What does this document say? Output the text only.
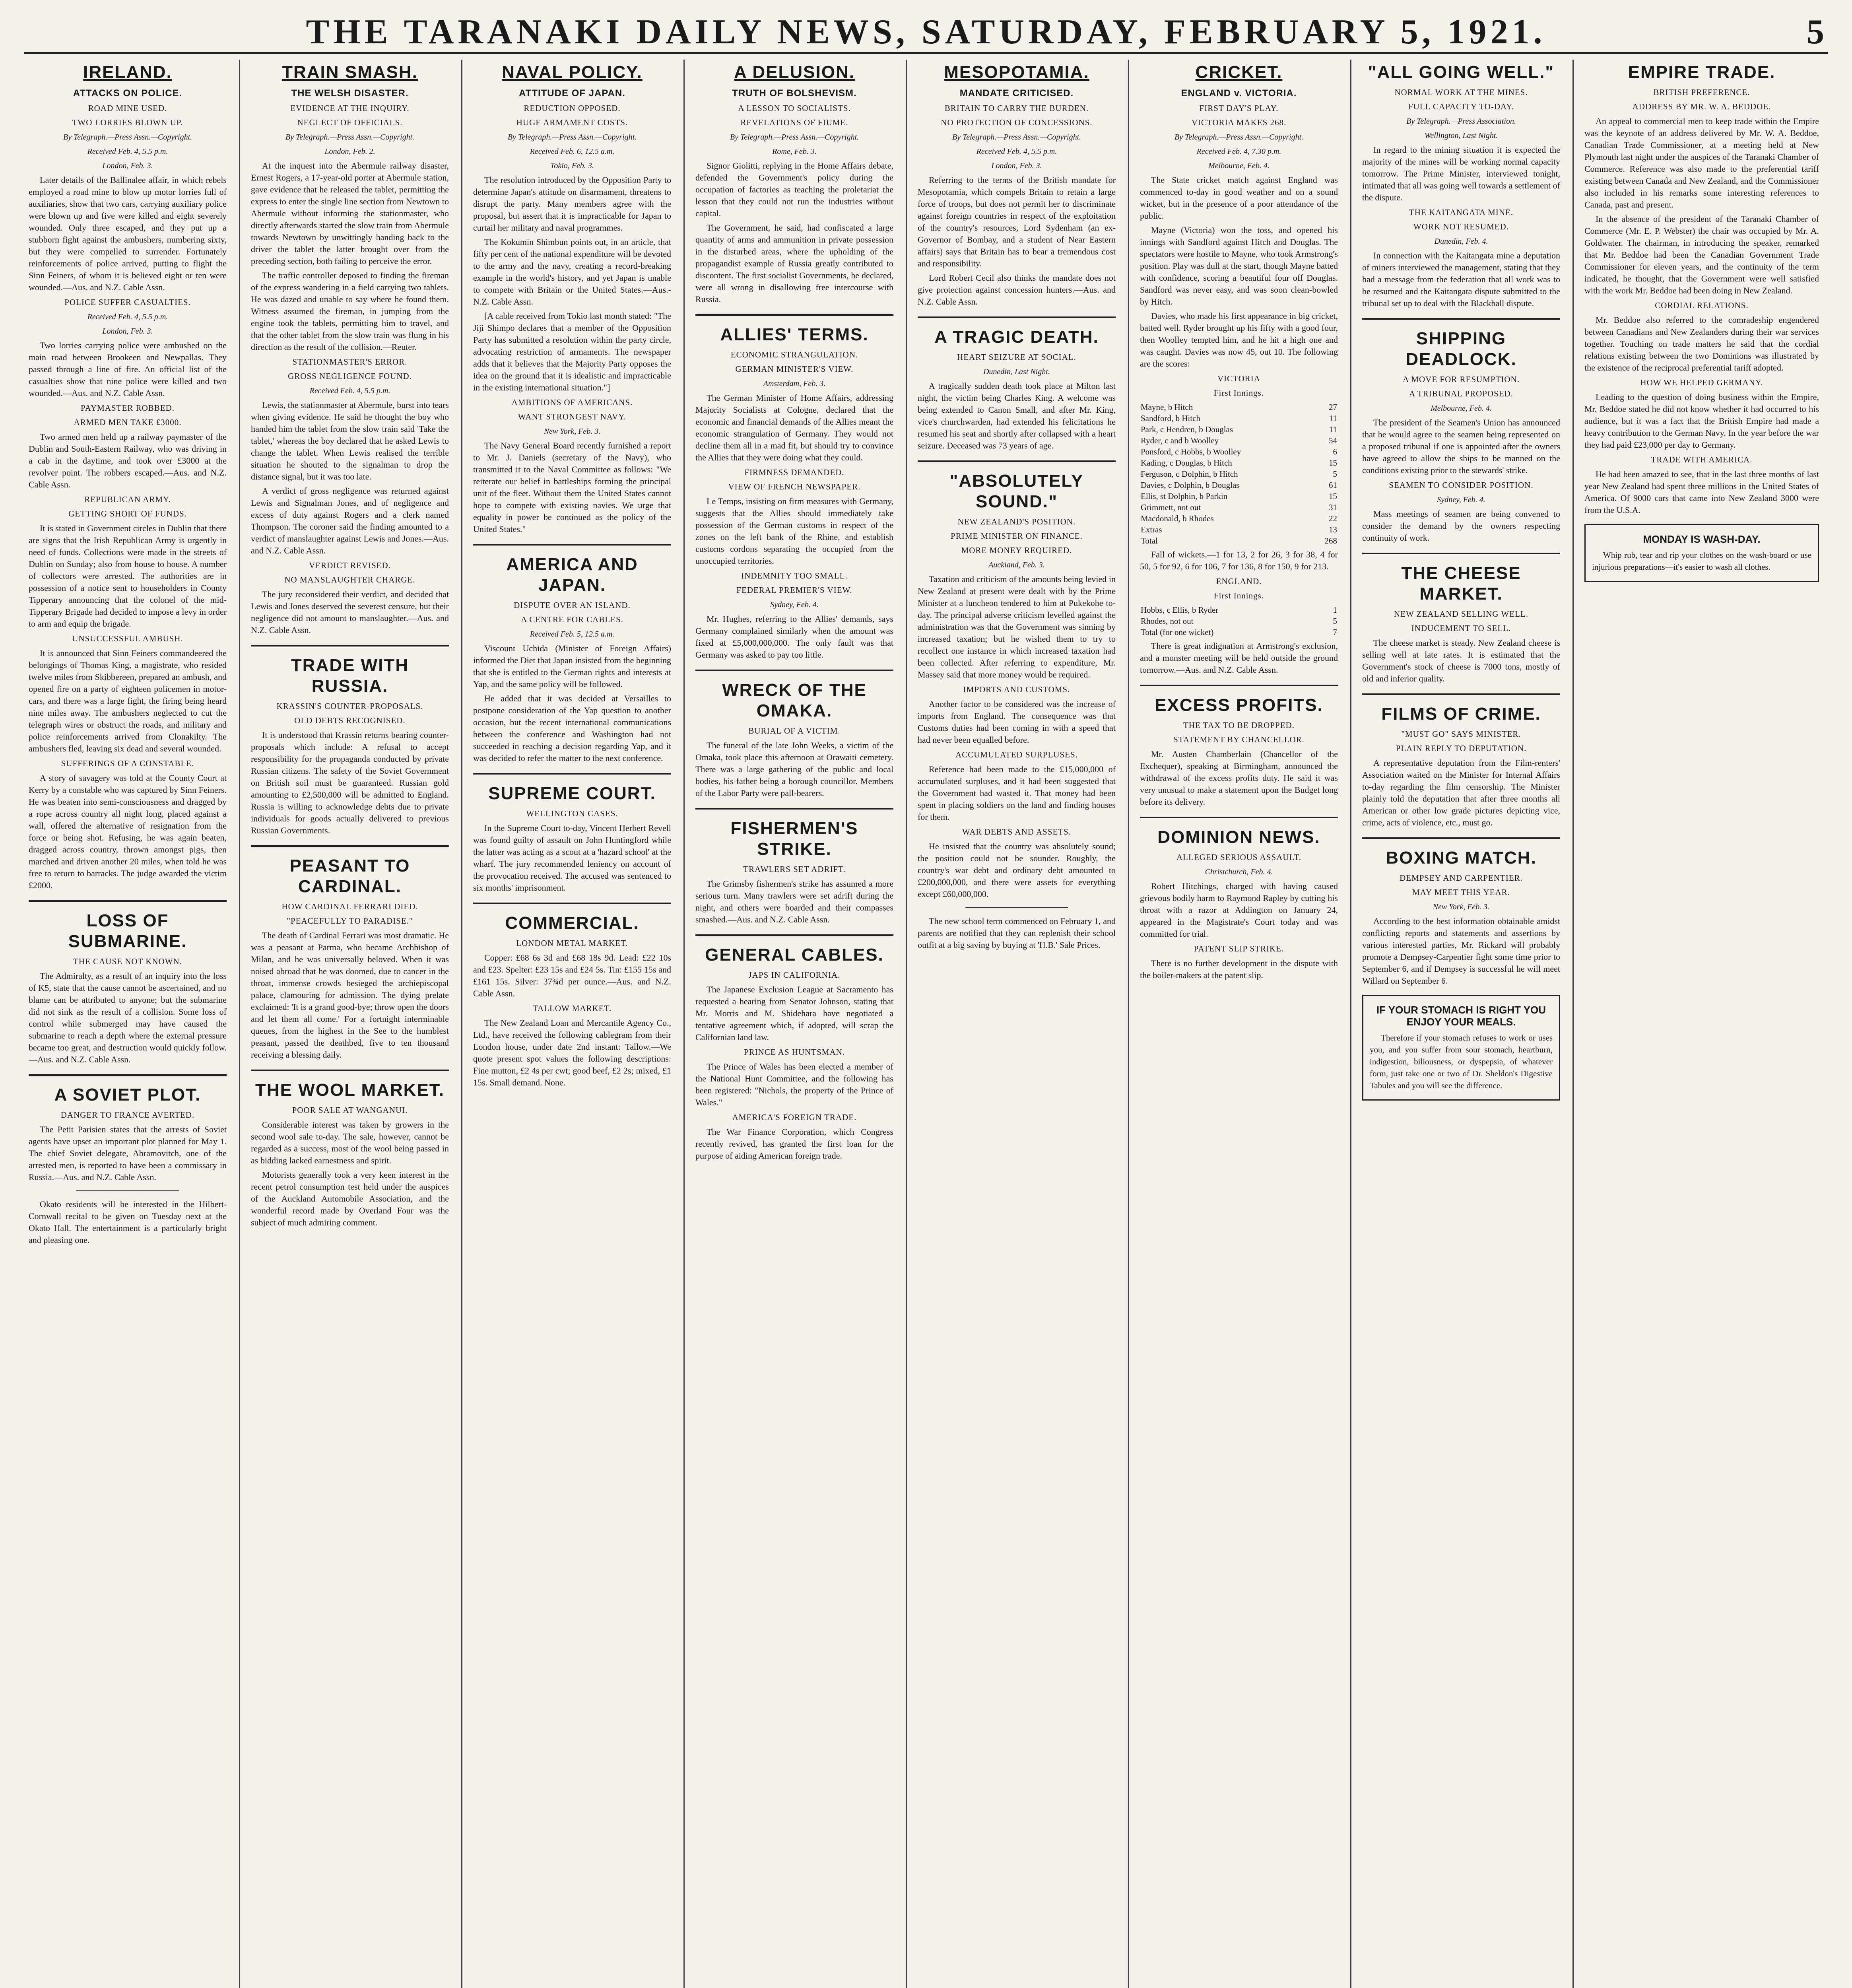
THE TARANAKI DAILY NEWS, SATURDAY, FEBRUARY 5, 1921.	5
IRELAND.
ATTACKS ON POLICE.
ROAD MINE USED.
TWO LORRIES BLOWN UP.
By Telegraph.—Press Assn.—Copyright.
Received Feb. 4, 5.5 p.m.
London, Feb. 3.

Later details of the Ballinalee affair, in which rebels employed a road mine to blow up motor lorries full of auxiliaries, show that two cars, carrying auxiliary police were blown up and five were killed and eight severely wounded. Only three escaped, and they put up a stubborn fight against the ambushers, numbering sixty, but they were compelled to surrender. Fortunately reinforcements of police arrived, putting to flight the Sinn Feiners, of whom it is believed eight or ten were wounded.—Aus. and N.Z. Cable Assn.

POLICE SUFFER CASUALTIES.
Received Feb. 4, 5.5 p.m.
London, Feb. 3.

Two lorries carrying police were ambushed on the main road between Brookeen and Newpallas. They passed through a line of fire. An official list of the casualties show that nine police were killed and two wounded.—Aus. and N.Z. Cable Assn.

PAYMASTER ROBBED.
ARMED MEN TAKE £3000.

Two armed men held up a railway paymaster of the Dublin and South-Eastern Railway, who was driving in a cab in the daytime, and took over £3000 at the revolver point. The robbers escaped.—Aus. and N.Z. Cable Assn.

REPUBLICAN ARMY.
GETTING SHORT OF FUNDS.

It is stated in Government circles in Dublin that there are signs that the Irish Republican Army is urgently in need of funds. Collections were made in the streets of Dublin on Sunday; also from house to house. A number of collectors were arrested. The authorities are in possession of a notice sent to householders in County Tipperary announcing that the colonel of the mid-Tipperary Brigade had decided to impose a levy in order to arm and equip the brigade.

UNSUCCESSFUL AMBUSH.

It is announced that Sinn Feiners commandeered the belongings of Thomas King, a magistrate, who resided twelve miles from Skibbereen, prepared an ambush, and opened fire on a party of eighteen policemen in motor-cars, and there was a large fight, the firing being heard nine miles away. The ambushers neglected to cut the telegraph wires or obstruct the roads, and military and police reinforcements arrived from Clonakilty. The ambushers fled, leaving six dead and several wounded.

SUFFERINGS OF A CONSTABLE.

A story of savagery was told at the County Court at Kerry by a constable who was captured by Sinn Feiners. He was beaten into semi-consciousness and dragged by a rope across country all night long, placed against a wall, offered the alternative of resignation from the force or being shot. Refusing, he was again beaten, dragged across country, thrown amongst pigs, then marched and driven another 20 miles, when told he was free to return to barracks. The judge awarded the victim £2000.

LOSS OF SUBMARINE.
THE CAUSE NOT KNOWN.

The Admiralty, as a result of an inquiry into the loss of K5, state that the cause cannot be ascertained, and no blame can be attributed to anyone; but the submarine did not sink as the result of a collision. Some loss of control while submerged may have caused the submarine to reach a depth where the external pressure became too great, and destruction would quickly follow.—Aus. and N.Z. Cable Assn.

A SOVIET PLOT.
DANGER TO FRANCE AVERTED.

The Petit Parisien states that the arrests of Soviet agents have upset an important plot planned for May 1. The chief Soviet delegate, Abramovitch, one of the arrested men, is reported to have been a commissary in Russia.—Aus. and N.Z. Cable Assn.

Okato residents will be interested in the Hilbert-Cornwall recital to be given on Tuesday next at the Okato Hall. The entertainment is a particularly bright and pleasing one.

TRAIN SMASH.
THE WELSH DISASTER.
EVIDENCE AT THE INQUIRY.
NEGLECT OF OFFICIALS.
By Telegraph.—Press Assn.—Copyright.
London, Feb. 2.

At the inquest into the Abermule railway disaster, Ernest Rogers, a 17-year-old porter at Abermule station, gave evidence that he released the tablet, permitting the express to enter the single line section from Newtown to Abermule without informing the stationmaster, who directly afterwards started the slow train from Abermule towards Newtown by unwittingly handing back to the driver the tablet the latter brought over from the preceding section, both failing to perceive the error.

The traffic controller deposed to finding the fireman of the express wandering in a field carrying two tablets. He was dazed and unable to say where he found them. Witness assumed the fireman, in jumping from the engine took the tablets, permitting him to travel, and that the other tablet from the slow train was flung in his direction as the result of the collision.—Reuter.

STATIONMASTER'S ERROR.
GROSS NEGLIGENCE FOUND.
Received Feb. 4, 5.5 p.m.

Lewis, the stationmaster at Abermule, burst into tears when giving evidence. He said he thought the boy who handed him the tablet from the slow train said 'Take the tablet,' whereas the boy declared that he asked Lewis to change the tablet. When Lewis realised the terrible situation he shouted to the signalman to drop the distance signal, but it was too late.

A verdict of gross negligence was returned against Lewis and Signalman Jones, and of negligence and excess of duty against Rogers and a clerk named Thompson. The coroner said the finding amounted to a verdict of manslaughter against Lewis and Jones.—Aus. and N.Z. Cable Assn.

VERDICT REVISED.
NO MANSLAUGHTER CHARGE.

The jury reconsidered their verdict, and decided that Lewis and Jones deserved the severest censure, but their negligence did not amount to manslaughter.—Aus. and N.Z. Cable Assn.

TRADE WITH RUSSIA.
KRASSIN'S COUNTER-PROPOSALS.
OLD DEBTS RECOGNISED.

It is understood that Krassin returns bearing counter-proposals which include: A refusal to accept responsibility for the propaganda conducted by private Russian citizens. The safety of the Soviet Government on British soil must be guaranteed. Russian gold amounting to £2,500,000 will be admitted to England. Russia is willing to acknowledge debts due to private individuals for goods actually delivered to previous Russian Governments.

PEASANT TO CARDINAL.
HOW CARDINAL FERRARI DIED.
"PEACEFULLY TO PARADISE."

The death of Cardinal Ferrari was most dramatic. He was a peasant at Parma, who became Archbishop of Milan, and he was universally beloved. When it was noised abroad that he was doomed, due to cancer in the throat, immense crowds besieged the archiepiscopal palace, clamouring for admission. The dying prelate exclaimed: 'It is a grand good-bye; throw open the doors and let them all come.' For a fortnight interminable queues, from the highest in the See to the humblest peasant, passed the deathbed, five to ten thousand receiving a blessing daily.

THE WOOL MARKET.
POOR SALE AT WANGANUI.

Considerable interest was taken by growers in the second wool sale to-day. The sale, however, cannot be regarded as a success, most of the wool being passed in as bidding lacked earnestness and spirit.

Motorists generally took a very keen interest in the recent petrol consumption test held under the auspices of the Auckland Automobile Association, and the wonderful record made by Overland Four was the subject of much admiring comment.

NAVAL POLICY.
ATTITUDE OF JAPAN.
REDUCTION OPPOSED.
HUGE ARMAMENT COSTS.
By Telegraph.—Press Assn.—Copyright.
Received Feb. 6, 12.5 a.m.
Tokio, Feb. 3.

The resolution introduced by the Opposition Party to determine Japan's attitude on disarmament, threatens to disrupt the party. Many members agree with the proposal, but assert that it is impracticable for Japan to curtail her military and naval programmes.

The Kokumin Shimbun points out, in an article, that fifty per cent of the national expenditure will be devoted to the army and the navy, creating a record-breaking example in the world's history, and yet Japan is unable to compete with Britain or the United States.—Aus.-N.Z. Cable Assn.

[A cable received from Tokio last month stated: "The Jiji Shimpo declares that a member of the Opposition Party has submitted a resolution within the party circle, advocating restriction of armaments. The newspaper adds that it believes that the Majority Party opposes the idea on the ground that it is idealistic and impracticable in the existing international situation."]

AMBITIONS OF AMERICANS.
WANT STRONGEST NAVY.
New York, Feb. 3.

The Navy General Board recently furnished a report to Mr. J. Daniels (secretary of the Navy), who transmitted it to the Naval Committee as follows: "We reiterate our belief in battleships forming the principal unit of the fleet. Without them the United States cannot hope to compete with existing navies. We urge that equality in power be continued as the policy of the United States."

AMERICA AND JAPAN.
DISPUTE OVER AN ISLAND.
A CENTRE FOR CABLES.
Received Feb. 5, 12.5 a.m.

Viscount Uchida (Minister of Foreign Affairs) informed the Diet that Japan insisted from the beginning that she is entitled to the German rights and interests at Yap, and the same policy will be followed.

He added that it was decided at Versailles to postpone consideration of the Yap question to another occasion, but the recent international communications between the conference and Washington had not succeeded in reaching a decision regarding Yap, and it was decided to refer the matter to the next conference.

SUPREME COURT.
WELLINGTON CASES.

In the Supreme Court to-day, Vincent Herbert Revell was found guilty of assault on John Huntingford while the latter was acting as a scout at a 'hazard school' at the wharf. The jury recommended leniency on account of the provocation received. The accused was sentenced to six months' imprisonment.

COMMERCIAL.
LONDON METAL MARKET.

Copper: £68 6s 3d and £68 18s 9d. Lead: £22 10s and £23. Spelter: £23 15s and £24 5s. Tin: £155 15s and £161 15s. Silver: 37¾d per ounce.—Aus. and N.Z. Cable Assn.

TALLOW MARKET.

The New Zealand Loan and Mercantile Agency Co., Ltd., have received the following cablegram from their London house, under date 2nd instant: Tallow.—We quote present spot values the following descriptions: Fine mutton, £2 4s per cwt; good beef, £2 2s; mixed, £1 15s. Small demand. None.

A DELUSION.
TRUTH OF BOLSHEVISM.
A LESSON TO SOCIALISTS.
REVELATIONS OF FIUME.
By Telegraph.—Press Assn.—Copyright.
Rome, Feb. 3.

Signor Giolitti, replying in the Home Affairs debate, defended the Government's policy during the occupation of factories as teaching the proletariat the lesson that they could not run the industries without capital.

The Government, he said, had confiscated a large quantity of arms and ammunition in private possession in the disturbed areas, where the upholding of the propagandist example of Russia greatly contributed to discontent. The first socialist Governments, he declared, were all wrong in disallowing free intercourse with Russia.

ALLIES' TERMS.
ECONOMIC STRANGULATION.
GERMAN MINISTER'S VIEW.
Amsterdam, Feb. 3.

The German Minister of Home Affairs, addressing Majority Socialists at Cologne, declared that the economic and financial demands of the Allies meant the economic strangulation of Germany. They would not decline them all in a mad fit, but should try to convince the Allies that they were doing what they could.

FIRMNESS DEMANDED.
VIEW OF FRENCH NEWSPAPER.

Le Temps, insisting on firm measures with Germany, suggests that the Allies should immediately take possession of the German customs in respect of the zones on the left bank of the Rhine, and establish customs cordons separating the occupied from the unoccupied territories.

INDEMNITY TOO SMALL.
FEDERAL PREMIER'S VIEW.
Sydney, Feb. 4.

Mr. Hughes, referring to the Allies' demands, says Germany complained similarly when the amount was fixed at £5,000,000,000. The only fault was that Germany was asked to pay too little.

WRECK OF THE OMAKA.
BURIAL OF A VICTIM.

The funeral of the late John Weeks, a victim of the Omaka, took place this afternoon at Orawaiti cemetery. There was a large gathering of the public and local bodies, his father being a borough councillor. Members of the Labor Party were pall-bearers.

FISHERMEN'S STRIKE.
TRAWLERS SET ADRIFT.

The Grimsby fishermen's strike has assumed a more serious turn. Many trawlers were set adrift during the night, and others were boarded and their compasses smashed.—Aus. and N.Z. Cable Assn.

GENERAL CABLES.
JAPS IN CALIFORNIA.

The Japanese Exclusion League at Sacramento has requested a hearing from Senator Johnson, stating that Mr. Morris and M. Shidehara have negotiated a tentative agreement which, if adopted, will scrap the Californian land law.

PRINCE AS HUNTSMAN.

The Prince of Wales has been elected a member of the National Hunt Committee, and the following has been registered: "Nichols, the property of the Prince of Wales."

AMERICA'S FOREIGN TRADE.

The War Finance Corporation, which Congress recently revived, has granted the first loan for the purpose of aiding American foreign trade.

MESOPOTAMIA.
MANDATE CRITICISED.
BRITAIN TO CARRY THE BURDEN.
NO PROTECTION OF CONCESSIONS.
By Telegraph.—Press Assn.—Copyright.
Received Feb. 4, 5.5 p.m.
London, Feb. 3.

Referring to the terms of the British mandate for Mesopotamia, which compels Britain to retain a large force of troops, but does not permit her to discriminate against foreign countries in respect of the exploitation of the country's resources, Lord Sydenham (an ex-Governor of Bombay, and a student of Near Eastern affairs) says that Britain has to bear a tremendous cost and responsibility.

Lord Robert Cecil also thinks the mandate does not give protection against concession hunters.—Aus. and N.Z. Cable Assn.

A TRAGIC DEATH.
HEART SEIZURE AT SOCIAL.
Dunedin, Last Night.

A tragically sudden death took place at Milton last night, the victim being Charles King. A welcome was being extended to Canon Small, and after Mr. King, vice's churchwarden, had extended his felicitations he resumed his seat and shortly after collapsed with a heart seizure. Deceased was 73 years of age.

"ABSOLUTELY SOUND."
NEW ZEALAND'S POSITION.
PRIME MINISTER ON FINANCE.
MORE MONEY REQUIRED.
Auckland, Feb. 3.

Taxation and criticism of the amounts being levied in New Zealand at present were dealt with by the Prime Minister at a luncheon tendered to him at Pukekohe to-day. The principal adverse criticism levelled against the administration was that the Government was sinning by increased taxation; but he wished them to try to recollect one instance in which increased taxation had been collected. After referring to expenditure, Mr. Massey said that more money would be required.

IMPORTS AND CUSTOMS.

Another factor to be considered was the increase of imports from England. The consequence was that Customs duties had been coming in with a speed that had never been equalled before.

ACCUMULATED SURPLUSES.

Reference had been made to the £15,000,000 of accumulated surpluses, and it had been suggested that the Government had wasted it. That money had been spent in placing soldiers on the land and finding houses for them.

WAR DEBTS AND ASSETS.

He insisted that the country was absolutely sound; the position could not be sounder. Roughly, the country's war debt and ordinary debt amounted to £200,000,000, and there were assets for everything except £60,000,000.

The new school term commenced on February 1, and parents are notified that they can replenish their school outfit at a big saving by buying at 'H.B.' Sale Prices.

CRICKET.
ENGLAND v. VICTORIA.
FIRST DAY'S PLAY.
VICTORIA MAKES 268.
By Telegraph.—Press Assn.—Copyright.
Received Feb. 4, 7.30 p.m.
Melbourne, Feb. 4.

The State cricket match against England was commenced to-day in good weather and on a sound wicket, but in the presence of a poor attendance of the public.

Mayne (Victoria) won the toss, and opened his innings with Sandford against Hitch and Douglas. The spectators were hostile to Mayne, who took Armstrong's position. Play was dull at the start, though Mayne batted with confidence, scoring a beautiful four off Douglas. Sandford was never easy, and was soon clean-bowled by Hitch.

Davies, who made his first appearance in big cricket, batted well. Ryder brought up his fifty with a good four, then Woolley tempted him, and he hit a high one and was caught. Davies was now 45, out 10. The following are the scores:

VICTORIA
First Innings.
Mayne, b Hitch	27
Sandford, b Hitch	11
Park, c Hendren, b Douglas	11
Ryder, c and b Woolley	54
Ponsford, c Hobbs, b Woolley	6
Kading, c Douglas, b Hitch	15
Ferguson, c Dolphin, b Hitch	5
Davies, c Dolphin, b Douglas	61
Ellis, st Dolphin, b Parkin	15
Grimmett, not out	31
Macdonald, b Rhodes	22
Extras	13
Total	268

Fall of wickets.—1 for 13, 2 for 26, 3 for 38, 4 for 50, 5 for 92, 6 for 106, 7 for 136, 8 for 150, 9 for 213.

ENGLAND.
First Innings.
Hobbs, c Ellis, b Ryder	1
Rhodes, not out	5
Total (for one wicket)	7

There is great indignation at Armstrong's exclusion, and a monster meeting will be held outside the ground tomorrow.—Aus. and N.Z. Cable Assn.

EXCESS PROFITS.
THE TAX TO BE DROPPED.
STATEMENT BY CHANCELLOR.

Mr. Austen Chamberlain (Chancellor of the Exchequer), speaking at Birmingham, announced the withdrawal of the excess profits duty. He said it was very unusual to make a statement upon the Budget long before its delivery.

DOMINION NEWS.
ALLEGED SERIOUS ASSAULT.
Christchurch, Feb. 4.

Robert Hitchings, charged with having caused grievous bodily harm to Raymond Rapley by cutting his throat with a razor at Addington on January 24, appeared in the Magistrate's Court today and was committed for trial.

PATENT SLIP STRIKE.

There is no further development in the dispute with the boiler-makers at the patent slip.

"ALL GOING WELL."
NORMAL WORK AT THE MINES.
FULL CAPACITY TO-DAY.
By Telegraph.—Press Association.
Wellington, Last Night.

In regard to the mining situation it is expected the majority of the mines will be working normal capacity tomorrow. The Prime Minister, interviewed tonight, intimated that all was going well towards a settlement of the dispute.

THE KAITANGATA MINE.
WORK NOT RESUMED.
Dunedin, Feb. 4.

In connection with the Kaitangata mine a deputation of miners interviewed the management, stating that they had a message from the federation that all work was to be resumed and the Kaitangata dispute submitted to the tribunal set up to deal with the Blackball dispute.

SHIPPING DEADLOCK.
A MOVE FOR RESUMPTION.
A TRIBUNAL PROPOSED.
Melbourne, Feb. 4.

The president of the Seamen's Union has announced that he would agree to the seamen being represented on a proposed tribunal if one is appointed after the owners have agreed to allow the ships to be manned on the conditions existing prior to the stewards' strike.

SEAMEN TO CONSIDER POSITION.
Sydney, Feb. 4.

Mass meetings of seamen are being convened to consider the demand by the owners respecting continuity of work.

THE CHEESE MARKET.
NEW ZEALAND SELLING WELL.
INDUCEMENT TO SELL.

The cheese market is steady. New Zealand cheese is selling well at late rates. It is estimated that the Government's stock of cheese is 7000 tons, mostly of old and inferior quality.

FILMS OF CRIME.
"MUST GO" SAYS MINISTER.
PLAIN REPLY TO DEPUTATION.

A representative deputation from the Film-renters' Association waited on the Minister for Internal Affairs to-day regarding the film censorship. The Minister plainly told the deputation that after three months all American or other low grade pictures depicting vice, crime, acts of violence, etc., must go.

BOXING MATCH.
DEMPSEY AND CARPENTIER.
MAY MEET THIS YEAR.
New York, Feb. 3.

According to the best information obtainable amidst conflicting reports and statements and assertions by various interested parties, Mr. Rickard will probably promote a Dempsey-Carpentier fight some time prior to September 6, and if Dempsey is successful he will meet Willard on September 6.

IF YOUR STOMACH IS RIGHT YOU ENJOY YOUR MEALS.

Therefore if your stomach refuses to work or uses you, and you suffer from sour stomach, heartburn, indigestion, biliousness, or dyspepsia, of whatever form, just take one or two of Dr. Sheldon's Digestive Tabules and you will see the difference.

EMPIRE TRADE.
BRITISH PREFERENCE.
ADDRESS BY MR. W. A. BEDDOE.

An appeal to commercial men to keep trade within the Empire was the keynote of an address delivered by Mr. W. A. Beddoe, Canadian Trade Commissioner, at a meeting held at New Plymouth last night under the auspices of the Taranaki Chamber of Commerce. Reference was also made to the preferential tariff existing between Canada and New Zealand, and the Commissioner also included in his remarks some interesting references to Canada, past and present.

In the absence of the president of the Taranaki Chamber of Commerce (Mr. E. P. Webster) the chair was occupied by Mr. A. Goldwater. The chairman, in introducing the speaker, remarked that Mr. Beddoe had been the Canadian Government Trade Commissioner for eleven years, and the continuity of the term indicated, he thought, that the Government were well satisfied with the work Mr. Beddoe had been doing in New Zealand.

CORDIAL RELATIONS.

Mr. Beddoe also referred to the comradeship engendered between Canadians and New Zealanders during their war services together. Touching on trade matters he said that the cordial relations existing between the two Dominions was illustrated by the existence of the reciprocal preferential tariff adopted.

HOW WE HELPED GERMANY.

Leading to the question of doing business within the Empire, Mr. Beddoe stated he did not know whether it had occurred to his audience, but it was a fact that the British Empire had made a heavy contribution to the German Navy. In the year before the war they had paid £23,000 per day to Germany.

TRADE WITH AMERICA.

He had been amazed to see, that in the last three months of last year New Zealand had spent three millions in the United States of America. Of 9000 cars that came into New Zealand 3000 were from the U.S.A.

MONDAY IS WASH-DAY.

Whip rub, tear and rip your clothes on the wash-board or use injurious preparations—it's easier to wash all clothes.
